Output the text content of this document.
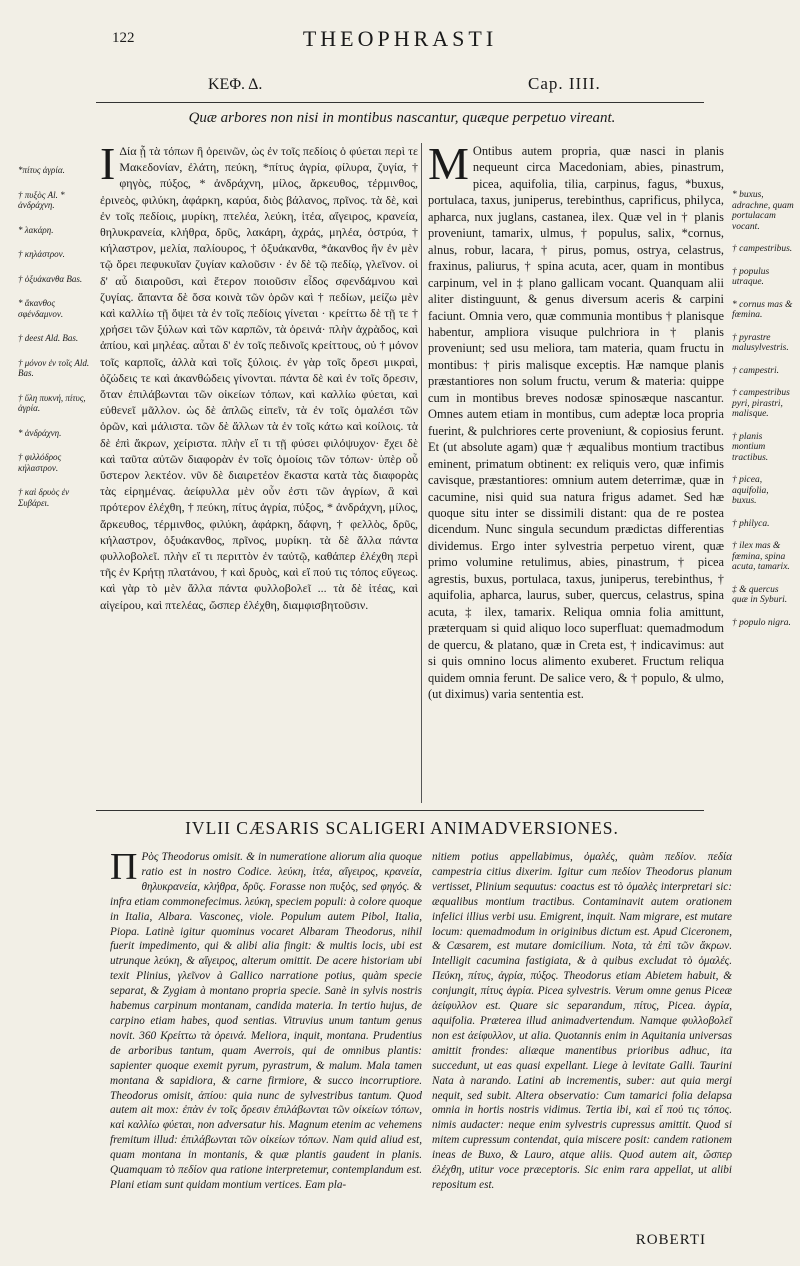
122	THEOPHRASTI
ΚΕΦ. Δ.	Cap. IIII.
Quæ arbores non nisi in montibus nascantur, quæque perpetuo vireant.
*πίτυς ἀγρία.
† πυξὸς Al. * ἀνδράχνη.
* λακάρη.
† κηλάστρον.
† ὀξυάκανθα Bas.
* ἄκανθος σφένδαμνον.
† deest Ald. Bas.
† μόνον ἐν τοῖς Ald. Bas.
† ὕλη πυκνή, πίτυς, ἀγρία.
* ἀνδράχνη.
† φιλλόδρος κήλαστρον.
† καὶ δρυὸς ἐν Συβάρει.

Ι Δία ᾗ τὰ τόπων ἢ ὀρεινῶν, ὡς ἐν τοῖς πεδίοις ὁ φύεται περὶ τε Μακεδονίαν, ἐλάτη, πεύκη, *πίτυς ἀγρία, φίλυρα, ζυγία, † φηγὸς, πύξος, * ἀνδράχνη, μίλος, ἄρκευθος, τέρμινθος, ἐρινεὸς, φιλύκη, ἀφάρκη, καρύα, διὸς βάλανος, πρῖνος. τὰ δὲ, καὶ ἐν τοῖς πεδίοις, μυρίκη, πτελέα, λεύκη, ἰτέα, αἴγειρος, κρανεία, θηλυκρανεία, κλήθρα, δρῦς, λακάρη, ἀχράς, μηλέα, ὀστρύα, † κήλαστρον, μελία, παλίουρος, † ὀξυάκανθα, *ἀκανθος ἣν ἐν μὲν τῷ ὄρει πεφυκυῖαν ζυγίαν καλοῦσιν · ἐν δὲ τῷ πεδίῳ, γλεῖνον. οἱ δ' αὖ διαιροῦσι, καὶ ἕτερον ποιοῦσιν εἶδος σφενδάμνου καὶ ζυγίας. ἅπαντα δὲ ὅσα κοινὰ τῶν ὀρῶν καὶ † πεδίων, μείζω μὲν καὶ καλλίω τῇ ὄψει τὰ ἐν τοῖς πεδίοις γίνεται · κρείττω δὲ τῇ τε † χρήσει τῶν ξύλων καὶ τῶν καρπῶν, τὰ ὀρεινά· πλὴν ἀχρὰδος, καὶ ἀπίου, καὶ μηλέας. αὗται δ' ἐν τοῖς πεδινοῖς κρείττους, οὐ † μόνον τοῖς καρποῖς, ἀλλὰ καὶ τοῖς ξύλοις. ἐν γὰρ τοῖς ὄρεσι μικραὶ, ὀζώδεις τε καὶ ἀκανθώδεις γίνονται. πάντα δὲ καὶ ἐν τοῖς ὄρεσιν, ὅταν ἐπιλάβωνται τῶν οἰκείων τόπων, καὶ καλλίω φύεται, καὶ εὐθενεῖ μᾶλλον. ὡς δὲ ἁπλῶς εἰπεῖν, τὰ ἐν τοῖς ὁμαλέσι τῶν ὀρῶν, καὶ μάλιστα. τῶν δὲ ἄλλων τὰ ἐν τοῖς κάτω καὶ κοίλοις. τὰ δὲ ἐπὶ ἄκρων, χείριστα. πλὴν εἴ τι τῇ φύσει φιλόψυχον· ἔχει δὲ καὶ ταῦτα αὐτῶν διαφορὰν ἐν τοῖς ὁμοίοις τῶν τόπων· ὑπὲρ οὗ ὕστερον λεκτέον. νῦν δὲ διαιρετέον ἕκαστα κατὰ τὰς διαφορὰς τὰς εἰρημένας. ἀείφυλλα μὲν οὖν ἐστι τῶν ἀγρίων, ἃ καὶ πρότερον ἐλέχθη, † πεύκη, πίτυς ἀγρία, πύξος, * ἀνδράχνη, μίλος, ἄρκευθος, τέρμινθος, φιλύκη, ἀφάρκη, δάφνη, † φελλὸς, δρῦς, κήλαστρον, ὀξυάκανθος, πρῖνος, μυρίκη. τὰ δὲ ἄλλα πάντα φυλλοβολεῖ. πλὴν εἴ τι περιττὸν ἐν ταὐτῷ, καθάπερ ἐλέχθη περὶ τῆς ἐν Κρήτῃ πλατάνου, † καὶ δρυὸς, καὶ εἴ πού τις τόπος εὔγεως. καὶ γὰρ τὸ μὲν ἄλλα πάντα φυλλοβολεῖ ... τὰ δὲ ἰτέας, καὶ αἰγείρου, καὶ πτελέας, ὥσπερ ἐλέχθη, διαμφισβητοῦσιν.

M Ontibus autem propria, quæ nasci in planis nequeunt circa Macedoniam, abies, pinastrum, picea, aquifolia, tilia, carpinus, fagus, *buxus, portulaca, taxus, juniperus, terebinthus, caprificus, philyca, apharca, nux juglans, castanea, ilex. Quæ vel in † planis proveniunt, tamarix, ulmus, † populus, salix, *cornus, alnus, robur, lacara, † pirus, pomus, ostrya, celastrus, fraxinus, paliurus, † spina acuta, acer, quam in montibus carpinum, vel in ‡ plano gallicam vocant. Quanquam alii aliter distinguunt, & genus diversum aceris & carpini faciunt. Omnia vero, quæ communia montibus † planisque habentur, ampliora visuque pulchriora in † planis proveniunt; sed usu meliora, tam materia, quam fructu in montibus: † piris malisque exceptis. Hæ namque planis præstantiores non solum fructu, verum & materia: quippe cum in montibus breves nodosæ spinosæque nascantur. Omnes autem etiam in montibus, cum adeptæ loca propria fuerint, & pulchriores certe proveniunt, & copiosius ferunt. Et (ut absolute agam) quæ † æqualibus montium tractibus eminent, primatum obtinent: ex reliquis vero, quæ infimis cavisque, præstantiores: omnium autem deterrimæ, quæ in cacumine, nisi quid sua natura frigus adamet. Sed hæ quoque situ inter se dissimili distant: qua de re postea dicendum. Nunc singula secundum prædictas differentias dividemus. Ergo inter sylvestria perpetuo virent, quæ primo volumine retulimus, abies, pinastrum, † picea agrestis, buxus, portulaca, taxus, juniperus, terebinthus, † aquifolia, apharca, laurus, suber, quercus, celastrus, spina acuta, ‡ ilex, tamarix. Reliqua omnia folia amittunt, præterquam si quid aliquo loco superfluat: quemadmodum de quercu, & platano, quæ in Creta est, † indicavimus: aut si quis omnino locus alimento exuberet. Fructum reliqua quidem omnia ferunt. De salice vero, & † populo, & ulmo, (ut diximus) varia sententia est.

* buxus, adrachne, quam portulacam vocant.
† campestribus.
† populus utraque.
* cornus mas & fœmina.
† pyrastre malusylvestris.
† campestri.
† campestribus pyri, pirastri, malisque.
† planis montium tractibus.
† picea, aquifolia, buxus.
† philyca.
† ilex mas & fœmina, spina acuta, tamarix.
‡ & quercus quæ in Syburi.
† populo nigra.
IVLII CÆSARIS SCALIGERI ANIMADVERSIONES.

Π Ρὸς Theodorus omisit. & in numeratione aliorum alia quoque ratio est in nostro Codice. λεύκη, ἰτέα, αἴγειρος, κρανεία, θηλυκρανεία, κλήθρα, δρῦς. Forasse non πυξὸς, sed φηγός. & infra etiam commonefecimus. λεύκη, speciem populi: à colore quoque in Italia, Albara. Vasconeς, viole. Populum autem Pibol, Italia, Piopa. Latinè igitur quominus vocaret Albaram Theodorus, nihil fuerit impedimento, qui & alibi alia fingit: & multis locis, ubi est utrunque λεύκη, & αἴγειρος, alterum omittit. De acere historiam ubi texit Plinius, γλεῖνον à Gallico narratione potius, quàm specie separat, & Zygiam à montano propria specie. Sanè in sylvis nostris habemus carpinum montanam, candida materia. In tertio hujus, de carpino etiam habes, quod sentias. Vitruvius unum tantum genus novit. 360 Κρείττω τὰ ὀρεινά. Meliora, inquit, montana. Prudentius de arboribus tantum, quam Averrois, qui de omnibus plantis: sapienter quoque exemit pyrum, pyrastrum, & malum. Mala tamen montana & sapidiora, & carne firmiore, & succo incorruptiore. Theodorus omisit, ἀπίου: quia nunc de sylvestribus tantum. Quod autem ait mox: ἐπὰν ἐν τοῖς ὄρεσιν ἐπιλάβωνται τῶν οἰκείων τόπων, καὶ καλλίω φύεται, non adversatur his. Magnum etenim ac vehemens fremitum illud: ἐπιλάβωνται τῶν οἰκείων τόπων. Nam quid aliud est, quam montana in montanis, & quæ plantis gaudent in planis. Quamquam τὸ πεδίον qua ratione interpretemur, contemplandum est. Plani etiam sunt quidam montium vertices. Eam pla-

nitiem potius appellabimus, ὁμαλές, quàm πεδίον. πεδία campestria citius dixerim. Igitur cum πεδίον Theodorus planum vertisset, Plinium sequutus: coactus est τὸ ὁμαλὲς interpretari sic: æqualibus montium tractibus. Contaminavit autem orationem infelici illius verbi usu. Emigrent, inquit. Nam migrare, est mutare locum: quemadmodum in originibus dictum est. Apud Ciceronem, & Cæsarem, est mutare domicilium. Nota, τὰ ἐπὶ τῶν ἄκρων. Intelligit cacumina fastigiata, & à quibus excludat τὸ ὁμαλές. Πεύκη, πίτυς, ἀγρία, πύξος. Theodorus etiam Abietem habuit, & conjungit, πίτυς ἀγρία. Picea sylvestris. Verum omne genus Piceæ ἀείφυλλον est. Quare sic separandum, πίτυς, Picea. ἀγρία, aquifolia. Præterea illud animadvertendum. Namque φυλλοβολεῖ non est ἀείφυλλον, ut alia. Quotannis enim in Aquitania universas amittit frondes: aliæque manentibus prioribus adhuc, ita succedunt, ut eas quasi expellant. Liege à levitate Galli. Taurini Nata à narando. Latini ab incrementis, suber: aut quia mergi nequit, sed subit. Altera observatio: Cum tamarici folia delapsa omnia in hortis nostris vidimus. Tertia ibi, καὶ εἴ πού τις τόπος. nimis audacter: neque enim sylvestris cupressus amittit. Quod si mitem cupressum contendat, quia miscere posit: candem rationem ineas de Buxo, & Lauro, atque aliis. Quod autem ait, ὥσπερ ἐλέχθη, utitur voce præceptoris. Sic enim rara appellat, ut alibi repositum est.

ROBERTI
